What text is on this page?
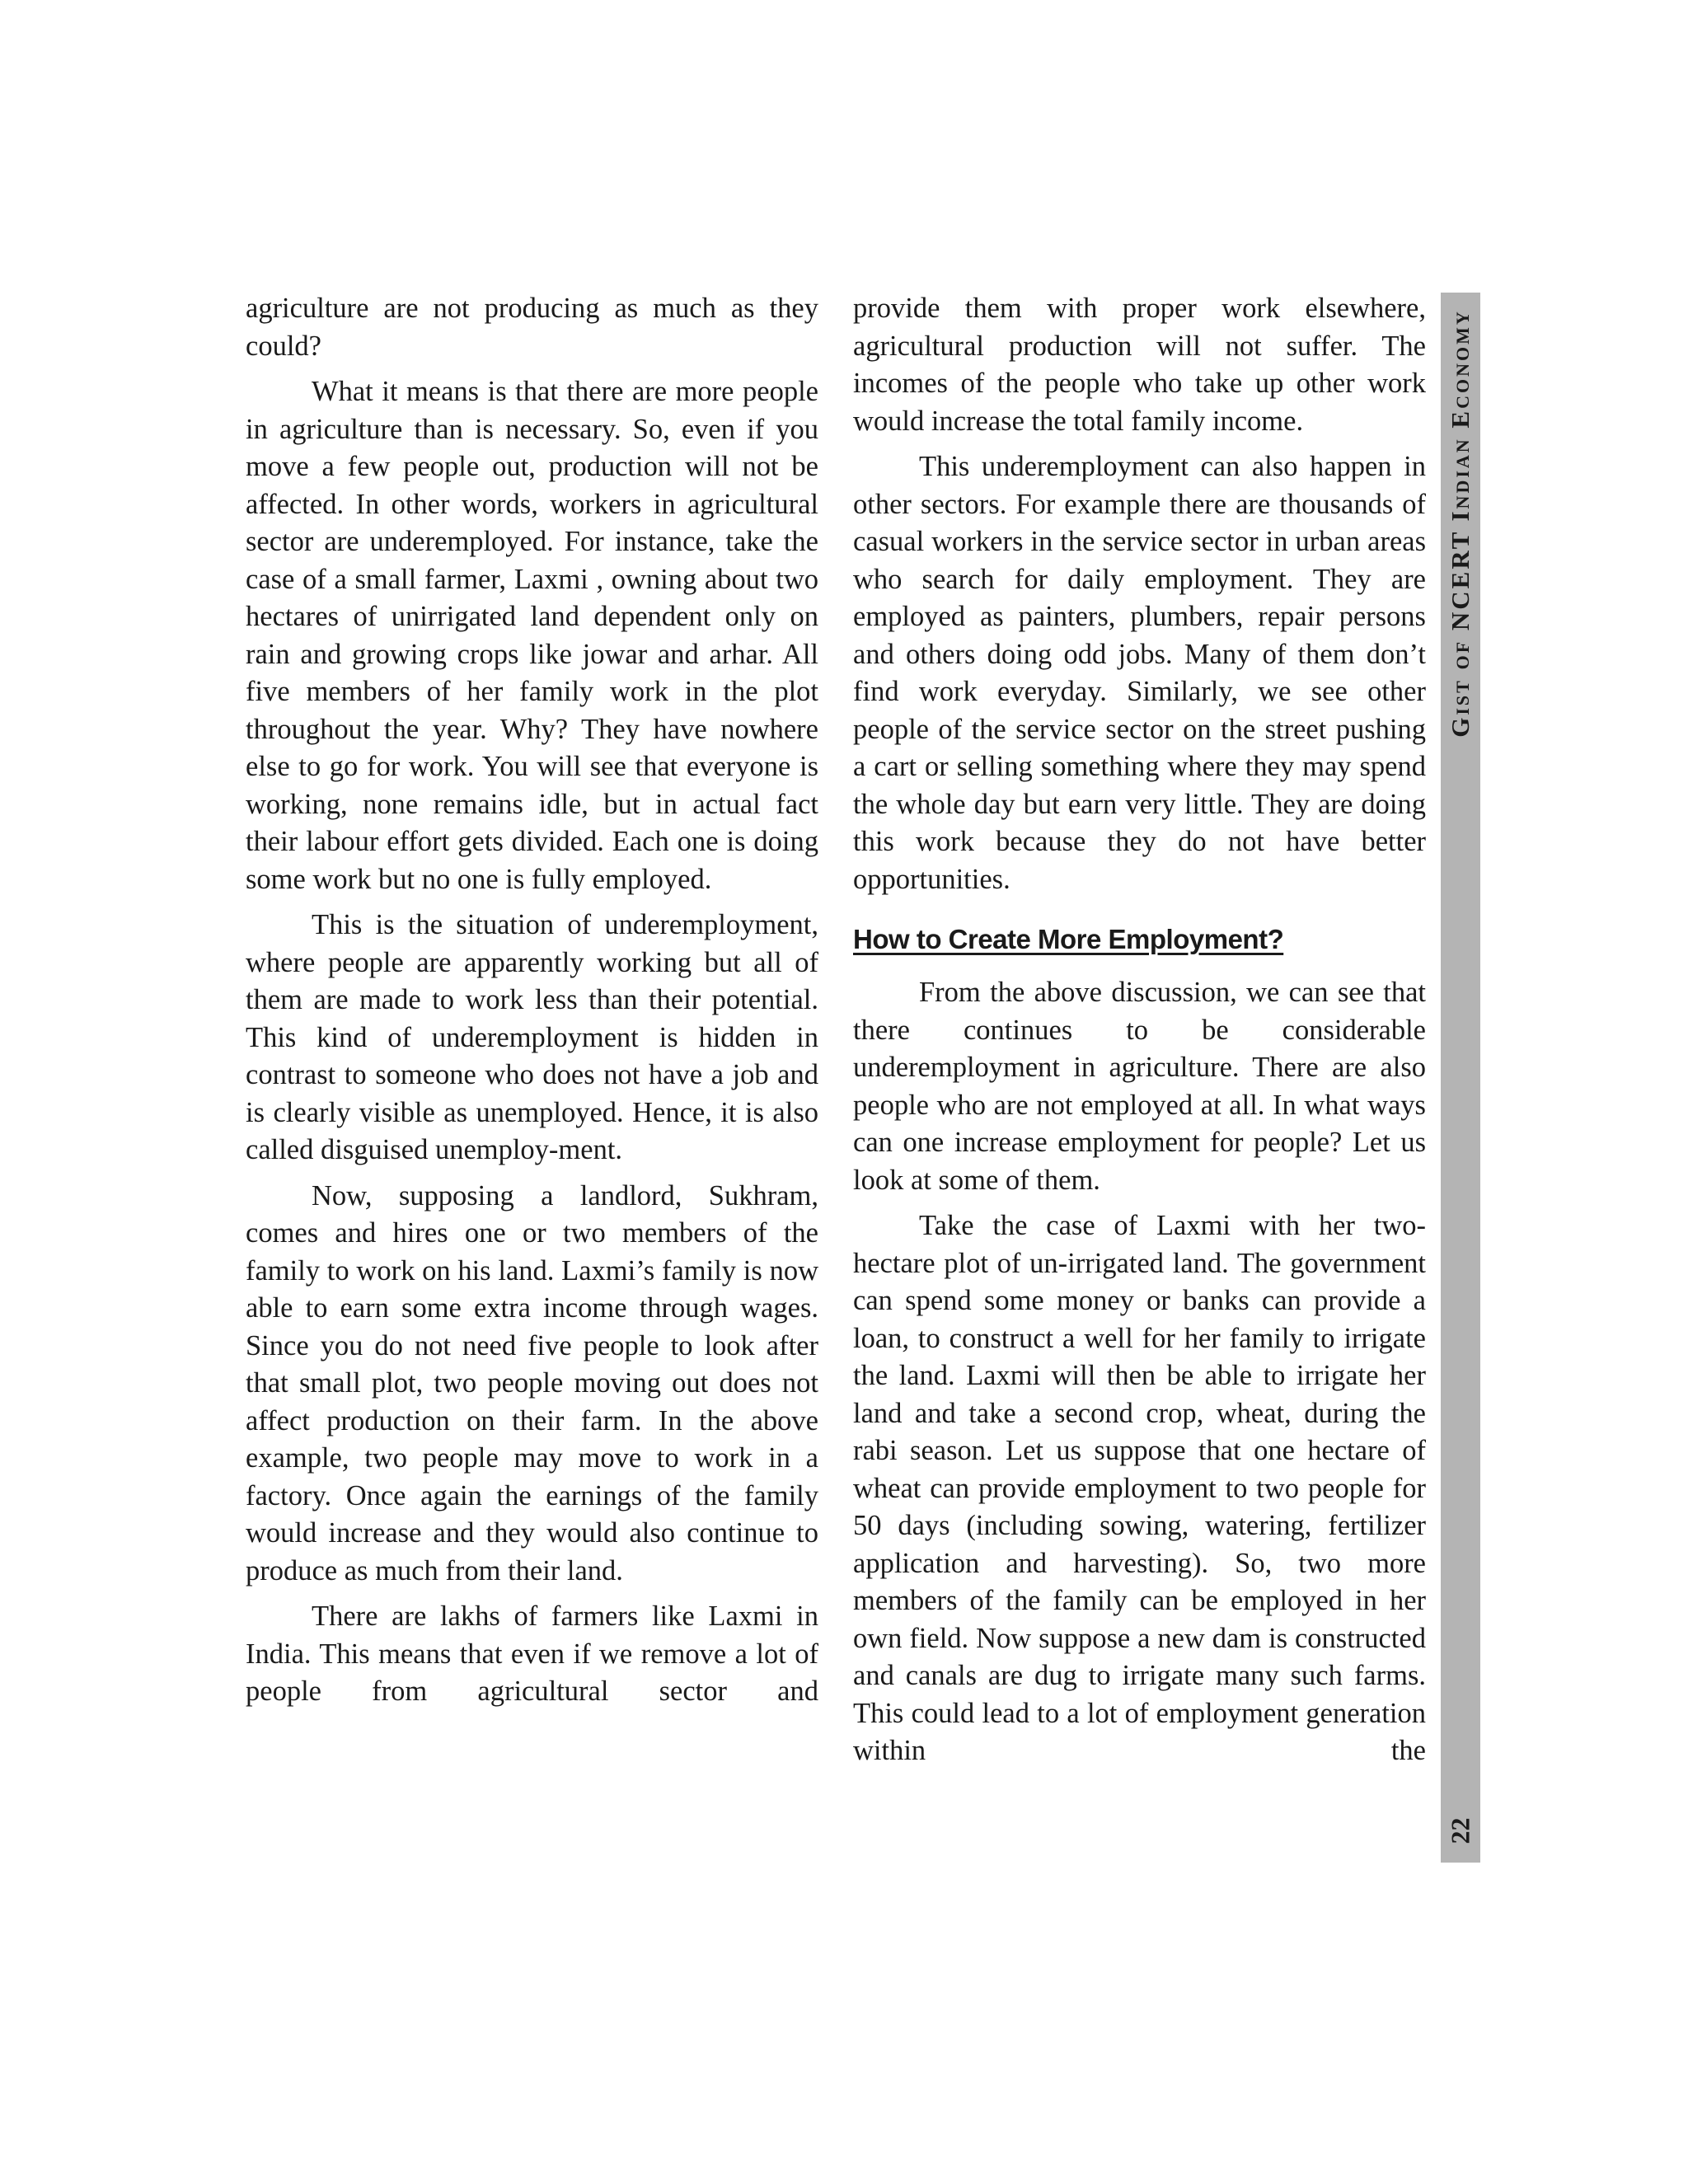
agriculture are not producing as much as they could?

What it means is that there are more people in agriculture than is necessary. So, even if you move a few people out, production will not be affected. In other words, workers in agricultural sector are underemployed. For instance, take the case of a small farmer, Laxmi , owning about two hectares of unirrigated land dependent only on rain and growing crops like jowar and arhar. All five members of her family work in the plot throughout the year. Why? They have nowhere else to go for work. You will see that everyone is working, none remains idle, but in actual fact their labour effort gets divided. Each one is doing some work but no one is fully employed.

This is the situation of underemployment, where people are apparently working but all of them are made to work less than their potential. This kind of underemployment is hidden in contrast to someone who does not have a job and is clearly visible as unemployed. Hence, it is also called disguised unemploy-ment.

Now, supposing a landlord, Sukhram, comes and hires one or two members of the family to work on his land. Laxmi’s family is now able to earn some extra income through wages. Since you do not need five people to look after that small plot, two people moving out does not affect production on their farm. In the above example, two people may move to work in a factory. Once again the earnings of the family would increase and they would also continue to produce as much from their land.

There are lakhs of farmers like Laxmi in India. This means that even if we remove a lot of people from agricultural sector and

provide them with proper work elsewhere, agricultural production will not suffer. The incomes of the people who take up other work would increase the total family income.

This underemployment can also happen in other sectors. For example there are thousands of casual workers in the service sector in urban areas who search for daily employment. They are employed as painters, plumbers, repair persons and others doing odd jobs. Many of them don’t find work everyday. Similarly, we see other people of the service sector on the street pushing a cart or selling something where they may spend the whole day but earn very little. They are doing this work because they do not have better opportunities.

How to Create More Employment?

From the above discussion, we can see that there continues to be considerable underemployment in agriculture. There are also people who are not employed at all. In what ways can one increase employment for people? Let us look at some of them.

Take the case of Laxmi with her two-hectare plot of un-irrigated land. The government can spend some money or banks can provide a loan, to construct a well for her family to irrigate the land. Laxmi will then be able to irrigate her land and take a second crop, wheat, during the rabi season. Let us suppose that one hectare of wheat can provide employment to two people for 50 days (including sowing, watering, fertilizer application and harvesting). So, two more members of the family can be employed in her own field. Now suppose a new dam is constructed and canals are dug to irrigate many such farms. This could lead to a lot of employment generation within the

Gist of NCERT Indian Economy
22
